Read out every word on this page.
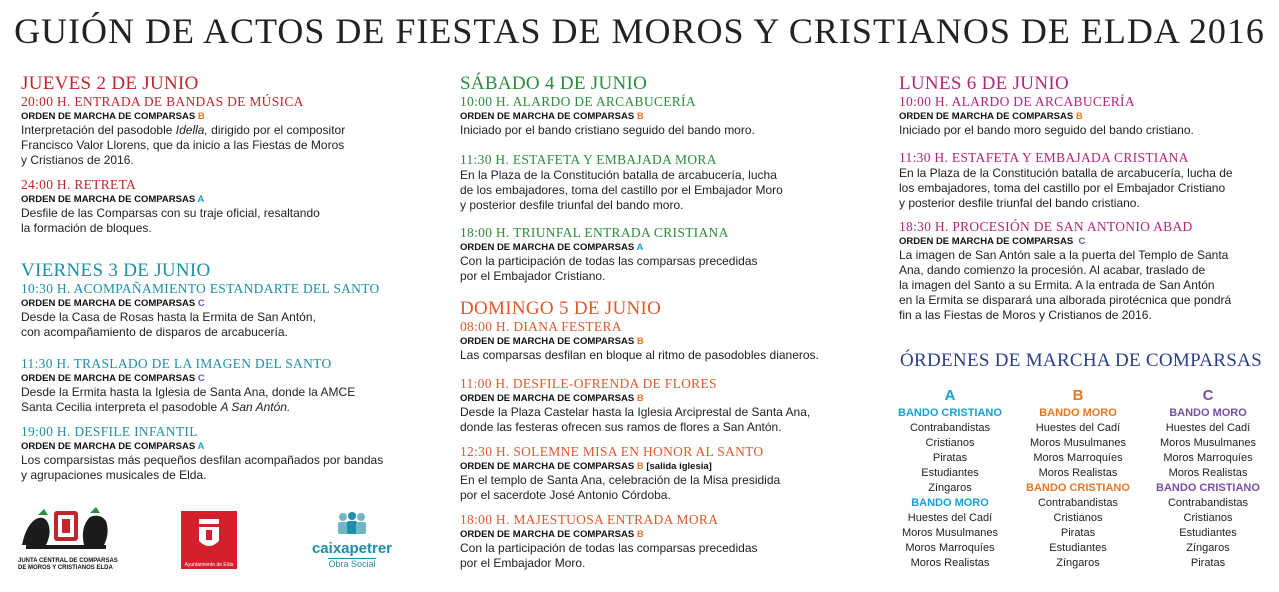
GUIÓN DE ACTOS DE FIESTAS DE MOROS Y CRISTIANOS DE ELDA 2016

JUEVES 2 DE JUNIO

20:00 H. ENTRADA DE BANDAS DE MÚSICA

ORDEN DE MARCHA DE COMPARSAS B

Interpretación del pasodoble Idella, dirigido por el compositor

Francisco Valor Llorens, que da inicio a las Fiestas de Moros

y Cristianos de 2016.

24:00 H. RETRETA

ORDEN DE MARCHA DE COMPARSAS A

Desfile de las Comparsas con su traje oficial, resaltando

la formación de bloques.

VIERNES 3 DE JUNIO

10:30 H. ACOMPAÑAMIENTO ESTANDARTE DEL SANTO

ORDEN DE MARCHA DE COMPARSAS C

Desde la Casa de Rosas hasta la Ermita de San Antón,

con acompañamiento de disparos de arcabucería.

11:30 H. TRASLADO DE LA IMAGEN DEL SANTO

ORDEN DE MARCHA DE COMPARSAS C

Desde la Ermita hasta la Iglesia de Santa Ana, donde la AMCE

Santa Cecilia interpreta el pasodoble A San Antón.

19:00 H. DESFILE INFANTIL

ORDEN DE MARCHA DE COMPARSAS A

Los comparsistas más pequeños desfilan acompañados por bandas

y agrupaciones musicales de Elda.

SÁBADO 4 DE JUNIO

10:00 H. ALARDO DE ARCABUCERÍA

ORDEN DE MARCHA DE COMPARSAS B

Iniciado por el bando cristiano seguido del bando moro.

11:30 H. ESTAFETA Y EMBAJADA MORA

En la Plaza de la Constitución batalla de arcabucería, lucha

de los embajadores, toma del castillo por el Embajador Moro

y posterior desfile triunfal del bando moro.

18:00 H. TRIUNFAL ENTRADA CRISTIANA

ORDEN DE MARCHA DE COMPARSAS A

Con la participación de todas las comparsas precedidas

por el Embajador Cristiano.

DOMINGO 5 DE JUNIO

08:00 H. DIANA FESTERA

ORDEN DE MARCHA DE COMPARSAS B

Las comparsas desfilan en bloque al ritmo de pasodobles dianeros.

11:00 H. DESFILE-OFRENDA DE FLORES

ORDEN DE MARCHA DE COMPARSAS B

Desde la Plaza Castelar hasta la Iglesia Arciprestal de Santa Ana,

donde las festeras ofrecen sus ramos de flores a San Antón.

12:30 H. SOLEMNE MISA EN HONOR AL SANTO

ORDEN DE MARCHA DE COMPARSAS B [salida iglesia]

En el templo de Santa Ana, celebración de la Misa presidida

por el sacerdote José Antonio Córdoba.

18:00 H. MAJESTUOSA ENTRADA MORA

ORDEN DE MARCHA DE COMPARSAS B

Con la participación de todas las comparsas precedidas

por el Embajador Moro.

LUNES 6 DE JUNIO

10:00 H. ALARDO DE ARCABUCERÍA

ORDEN DE MARCHA DE COMPARSAS B

Iniciado por el bando moro seguido del bando cristiano.

11:30 H. ESTAFETA Y EMBAJADA CRISTIANA

En la Plaza de la Constitución batalla de arcabucería, lucha de

los embajadores, toma del castillo por el Embajador Cristiano

y posterior desfile triunfal del bando cristiano.

18:30 H. PROCESIÓN DE SAN ANTONIO ABAD

ORDEN DE MARCHA DE COMPARSAS C

La imagen de San Antón sale a la puerta del Templo de Santa

Ana, dando comienzo la procesión. Al acabar, traslado de

la imagen del Santo a su Ermita. A la entrada de San Antón

en la Ermita se disparará una alborada pirotécnica que pondrá

fin a las Fiestas de Moros y Cristianos de 2016.

ÓRDENES DE MARCHA DE COMPARSAS
A
BANDO CRISTIANO
Contrabandistas
Cristianos
Piratas
Estudiantes
Zíngaros
BANDO MORO
Huestes del Cadí
Moros Musulmanes
Moros Marroquíes
Moros Realistas
B
BANDO MORO
Huestes del Cadí
Moros Musulmanes
Moros Marroquíes
Moros Realistas
BANDO CRISTIANO
Contrabandistas
Cristianos
Piratas
Estudiantes
Zíngaros
C
BANDO MORO
Huestes del Cadí
Moros Musulmanes
Moros Marroquíes
Moros Realistas
BANDO CRISTIANO
Contrabandistas
Cristianos
Estudiantes
Zíngaros
Piratas
JUNTA CENTRAL DE COMPARSAS
DE MOROS Y CRISTIANOS ELDA	Ayuntamiento de Elda
caixapetrer
Obra Social
